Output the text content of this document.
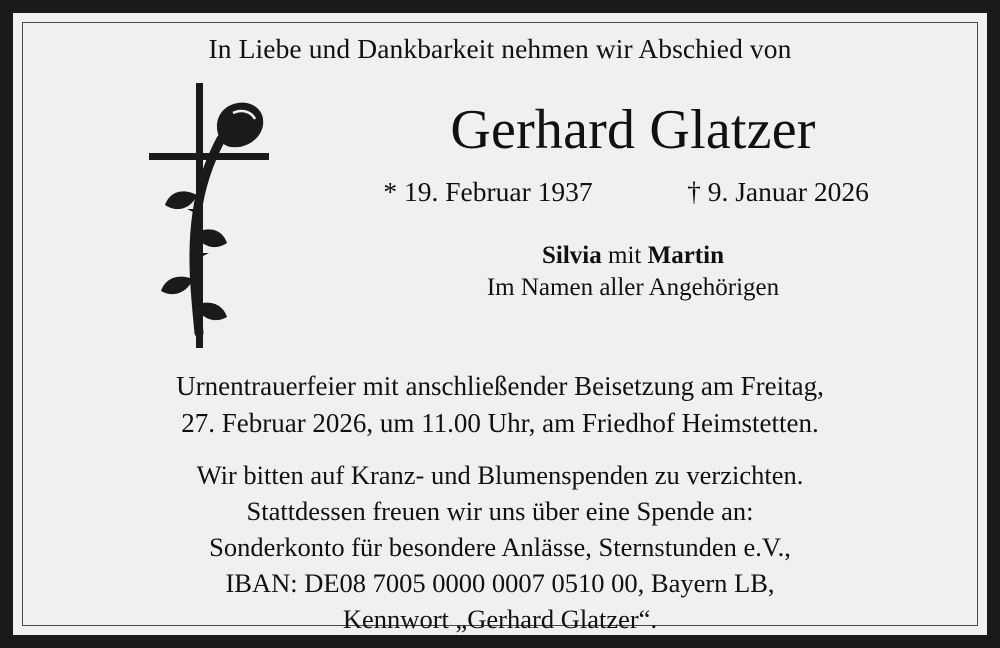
In Liebe und Dankbarkeit nehmen wir Abschied von
Gerhard Glatzer
* 19. Februar 1937	† 9. Januar 2026
Silvia mit Martin
Im Namen aller Angehörigen
Urnentrauerfeier mit anschließender Beisetzung am Freitag,
27. Februar 2026, um 11.00 Uhr, am Friedhof Heimstetten.
Wir bitten auf Kranz- und Blumenspenden zu verzichten.
Stattdessen freuen wir uns über eine Spende an:
Sonderkonto für besondere Anlässe, Sternstunden e.V.,
IBAN: DE08 7005 0000 0007 0510 00, Bayern LB,
Kennwort „Gerhard Glatzer“.
